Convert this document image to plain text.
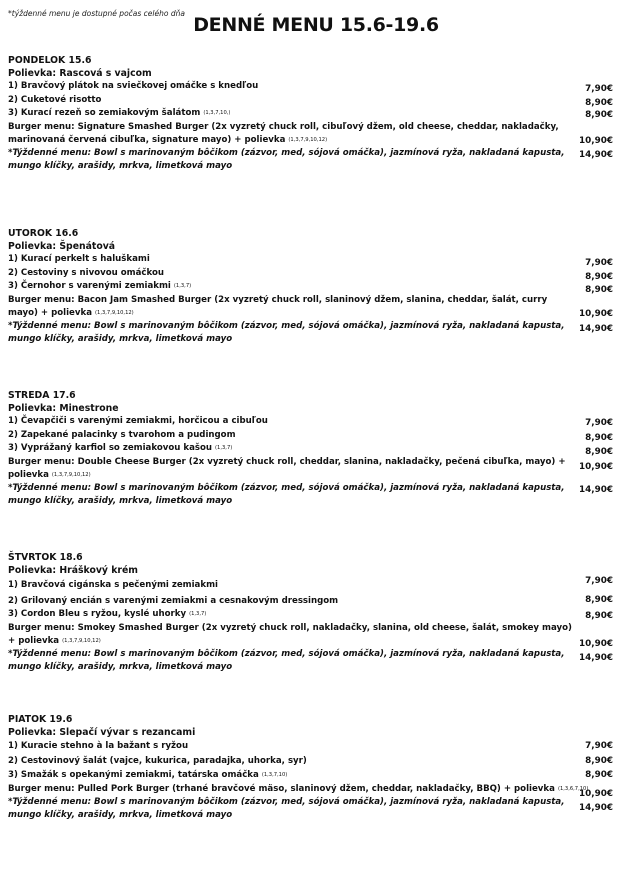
*týždenné menu je dostupné počas celého dňa
DENNÉ MENU 15.6-19.6
PONDELOK 15.6
Polievka: Rascová s vajcom
1) Bravčový plátok na sviečkovej omáčke s knedľou	7,90€
2) Cuketové risotto	8,90€
3) Kurací rezeň so zemiakovým šalátom (1,3,7,10,)	8,90€
Burger menu: Signature Smashed Burger (2x vyzretý chuck roll, cibuľový džem, old cheese, cheddar, nakladačky, marinovaná červená cibuľka, signature mayo) + polievka (1,3,7,9,10,12)	10,90€
*Týždenné menu: Bowl s marinovaným bôčikom (zázvor, med, sójová omáčka), jazmínová ryža, nakladaná kapusta, mungo klíčky, arašidy, mrkva, limetková mayo
14,90€
UTOROK 16.6
Polievka: Špenátová
1) Kurací perkelt s haluškami	7,90€
2) Cestoviny s nivovou omáčkou	8,90€
3) Černohor s varenými zemiakmi (1,3,7)	8,90€
Burger menu: Bacon Jam Smashed Burger (2x vyzretý chuck roll, slaninový džem, slanina, cheddar, šalát, curry mayo) + polievka (1,3,7,9,10,12)	10,90€
*Týždenné menu: Bowl s marinovaným bôčikom (zázvor, med, sójová omáčka), jazmínová ryža, nakladaná kapusta, mungo klíčky, arašidy, mrkva, limetková mayo
14,90€
STREDA 17.6
Polievka: Minestrone
1) Čevapčiči s varenými zemiakmi, horčicou a cibuľou	7,90€
2) Zapekané palacinky s tvarohom a pudingom	8,90€
3) Vyprážaný karfiol so zemiakovou kašou (1,3,7)	8,90€
Burger menu: Double Cheese Burger (2x vyzretý chuck roll, cheddar, slanina, nakladačky, pečená cibuľka, mayo) + polievka (1,3,7,9,10,12)
10,90€
*Týždenné menu: Bowl s marinovaným bôčikom (zázvor, med, sójová omáčka), jazmínová ryža, nakladaná kapusta, mungo klíčky, arašidy, mrkva, limetková mayo
14,90€
ŠTVRTOK 18.6
Polievka: Hráškový krém
1) Bravčová cigánska s pečenými zemiakmi	7,90€
2) Grilovaný encián s varenými zemiakmi a cesnakovým dressingom	8,90€
3) Cordon Bleu s ryžou, kyslé uhorky (1,3,7)	8,90€
Burger menu: Smokey Smashed Burger (2x vyzretý chuck roll, nakladačky, slanina, old cheese, šalát, smokey mayo) + polievka (1,3,7,9,10,12)	10,90€
*Týždenné menu: Bowl s marinovaným bôčikom (zázvor, med, sójová omáčka), jazmínová ryža, nakladaná kapusta, mungo klíčky, arašidy, mrkva, limetková mayo
14,90€
PIATOK 19.6
Polievka: Slepačí vývar s rezancami
1) Kuracie stehno à la bažant s ryžou	7,90€
2) Cestovinový šalát (vajce, kukurica, paradajka, uhorka, syr)	8,90€
3) Smažák s opekanými zemiakmi, tatárska omáčka (1,3,7,10)	8,90€
Burger menu: Pulled Pork Burger (trhané bravčové mäso, slaninový džem, cheddar, nakladačky, BBQ) + polievka (1,3,6,7,10)
10,90€
*Týždenné menu: Bowl s marinovaným bôčikom (zázvor, med, sójová omáčka), jazmínová ryža, nakladaná kapusta, mungo klíčky, arašidy, mrkva, limetková mayo
14,90€
